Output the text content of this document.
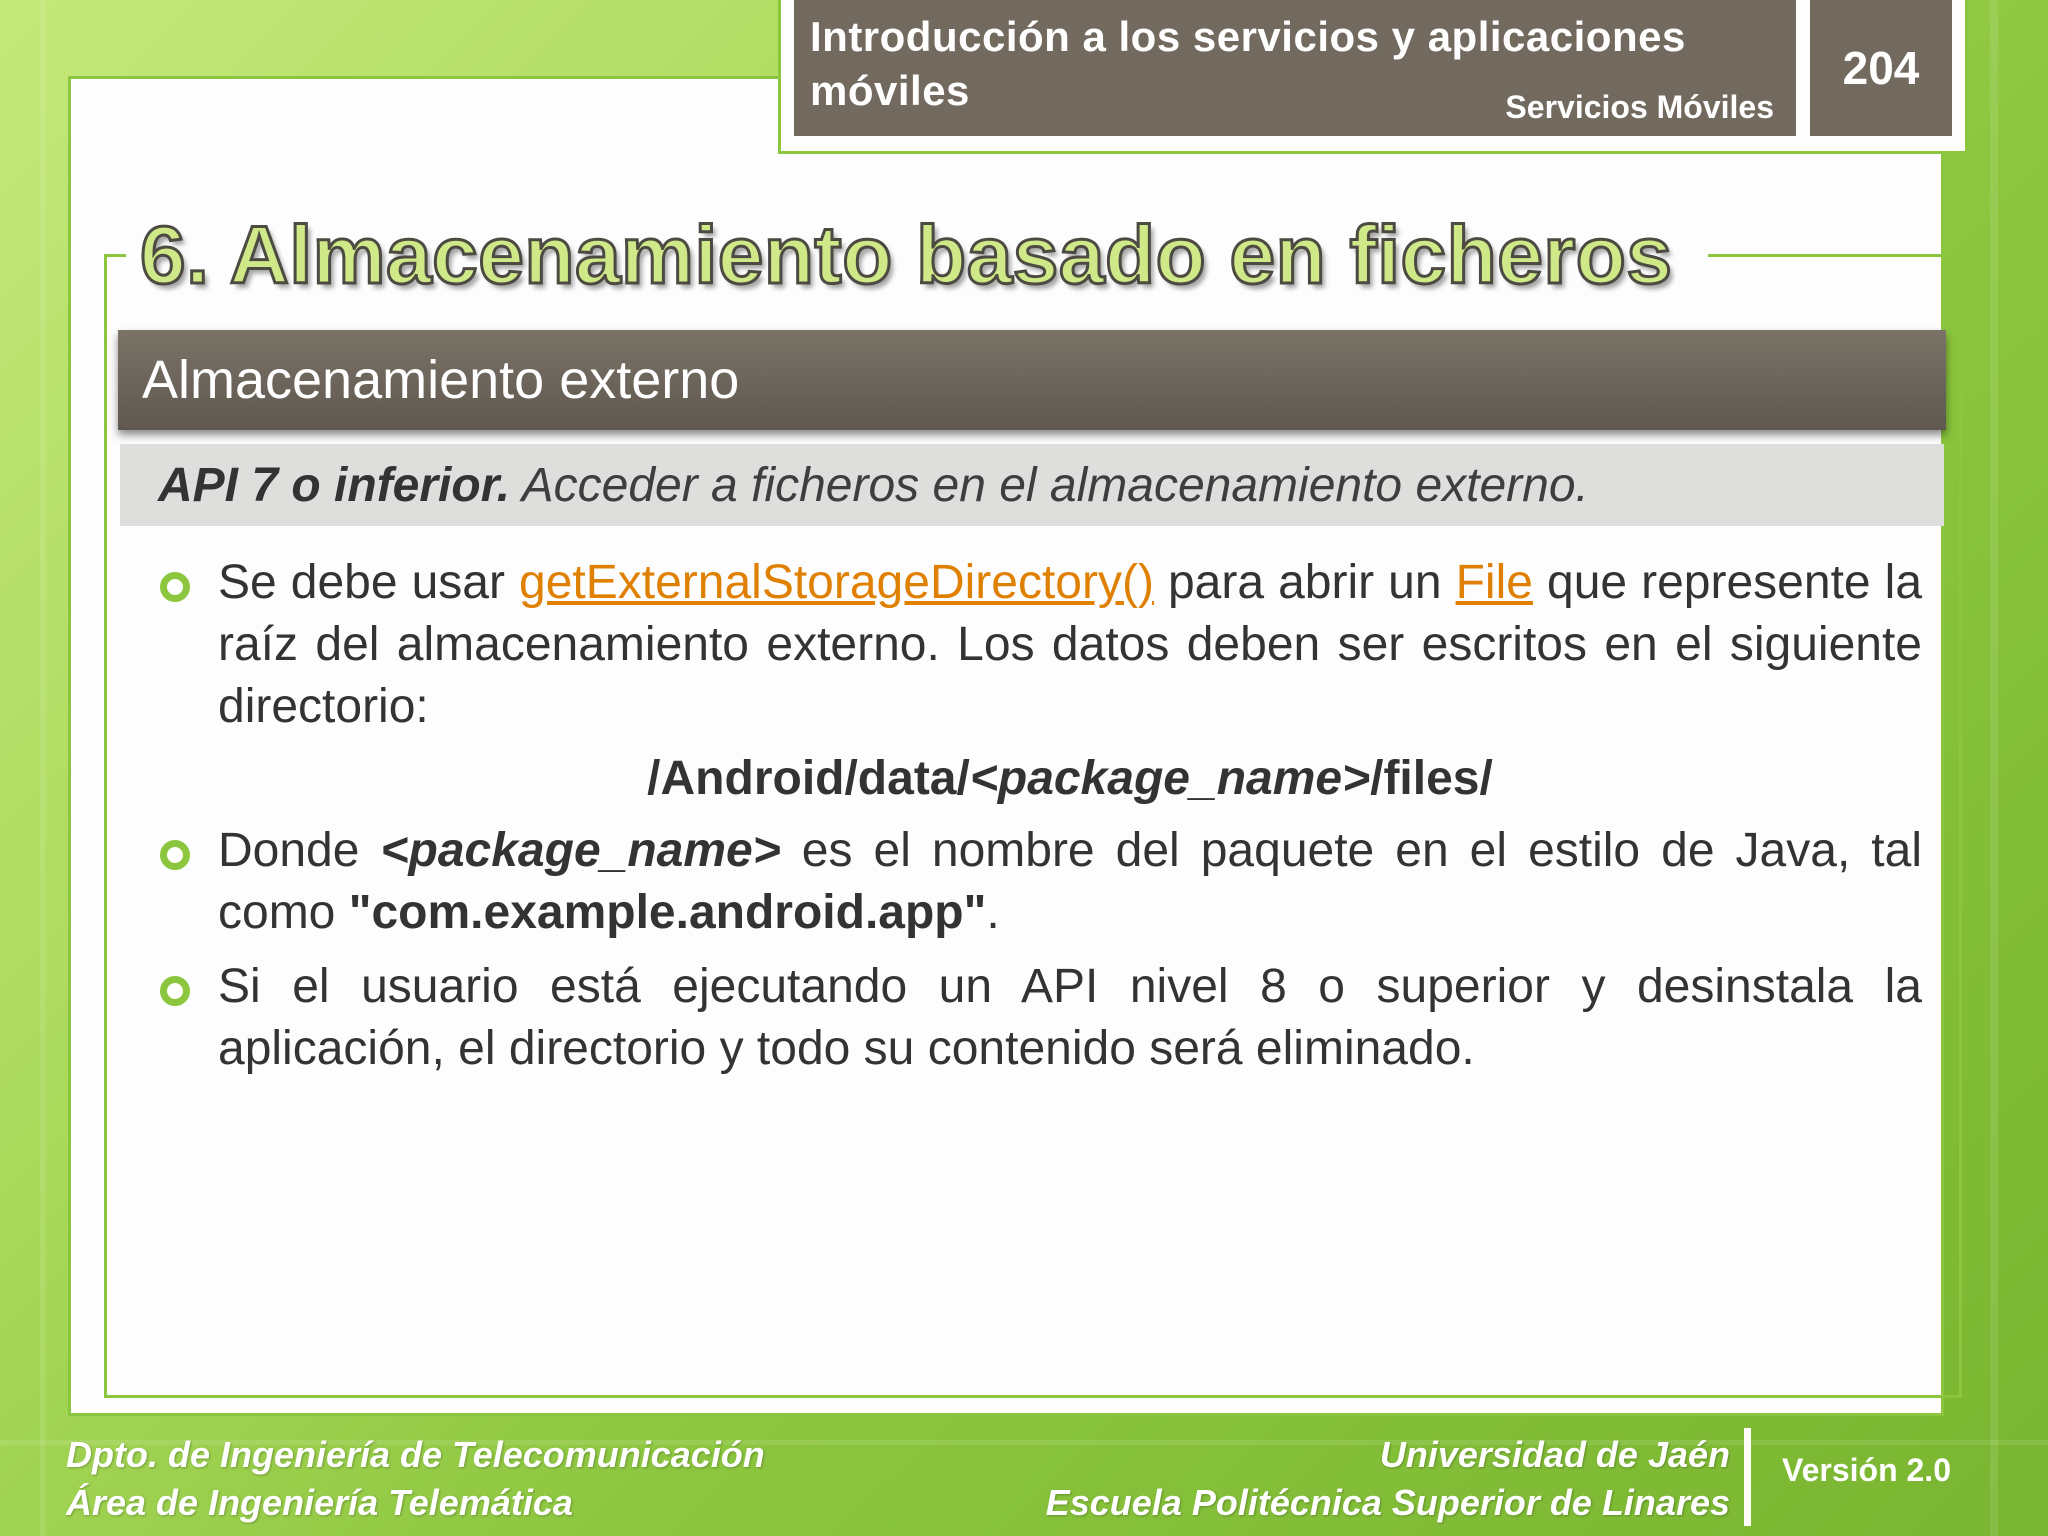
Introducción a los servicios y aplicaciones móviles	Servicios Móviles
204
6. Almacenamiento basado en ficheros
Almacenamiento externo
API 7 o inferior. Acceder a ficheros en el almacenamiento externo.
Se debe usar getExternalStorageDirectory() para abrir un File que represente la raíz del almacenamiento externo. Los datos deben ser escritos en el siguiente directorio:
/Android/data/<package_name>/files/
Donde <package_name> es el nombre del paquete en el estilo de Java, tal como "com.example.android.app".
Si el usuario está ejecutando un API nivel 8 o superior y desinstala la aplicación, el directorio y todo su contenido será eliminado.
Dpto. de Ingeniería de Telecomunicación
Área de Ingeniería Telemática
Universidad de Jaén
Escuela Politécnica Superior de Linares
Versión 2.0
